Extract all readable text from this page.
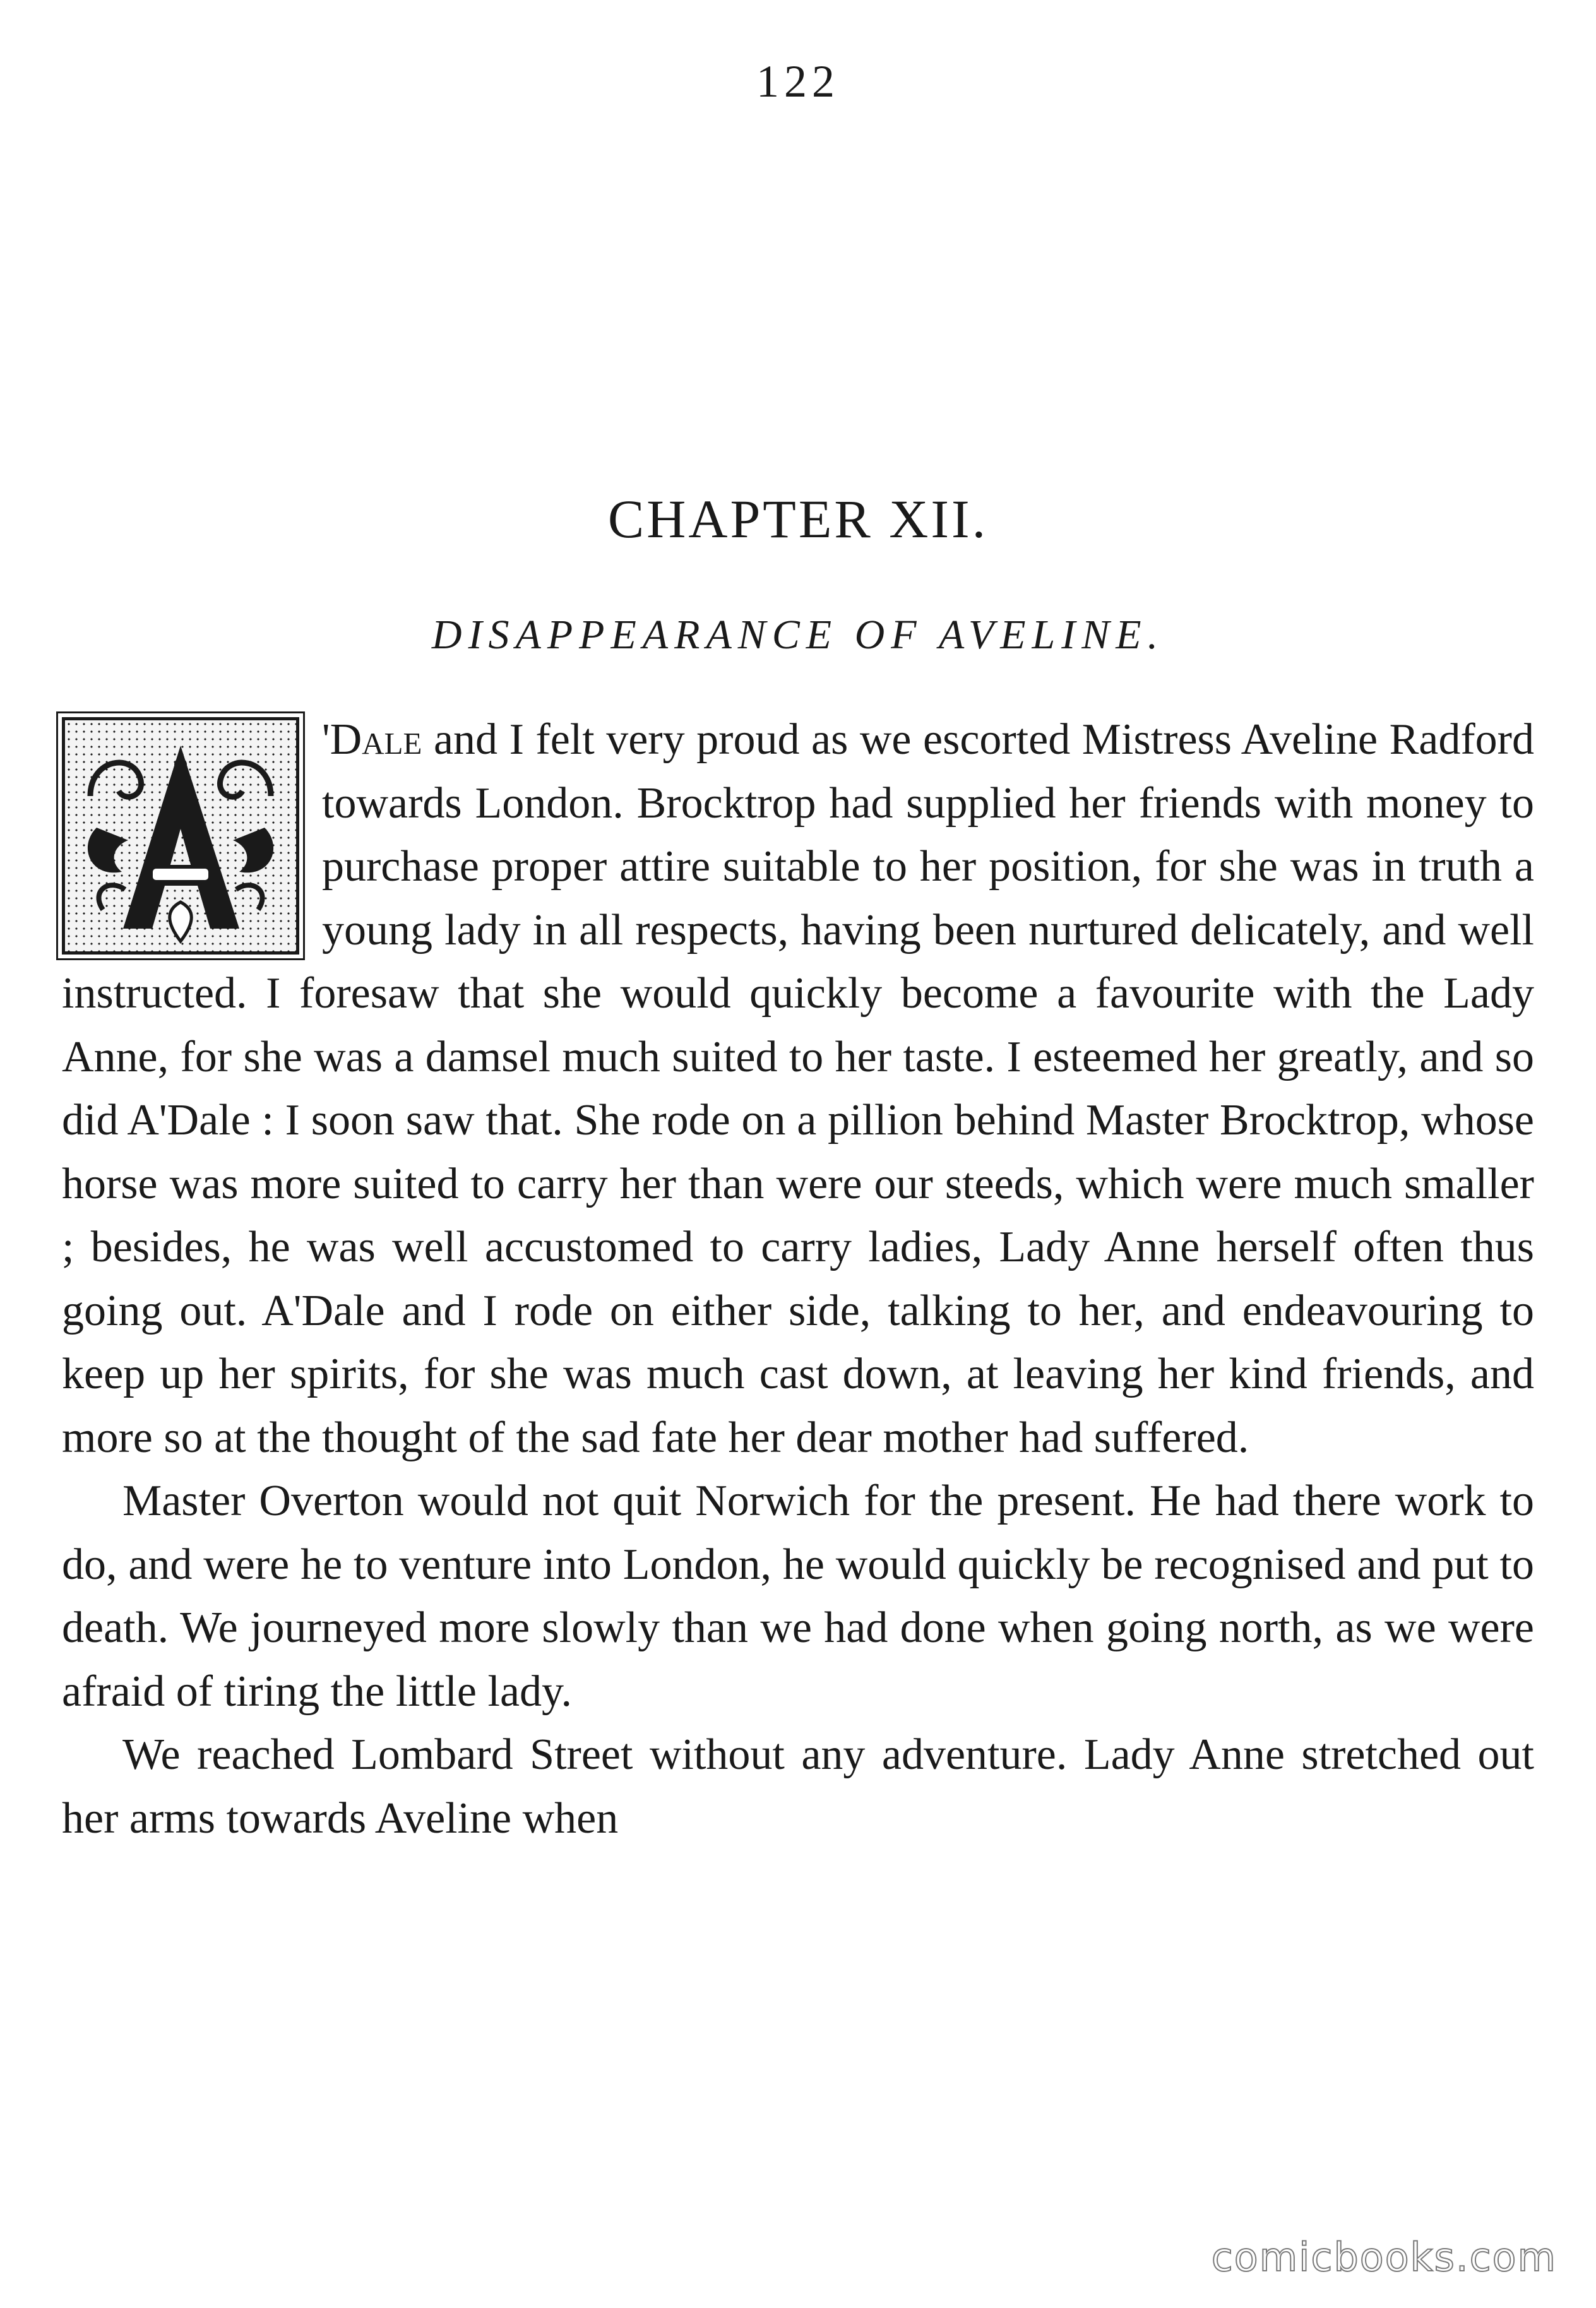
122
CHAPTER XII.
DISAPPEARANCE OF AVELINE.

'Dale and I felt very proud as we escorted Mistress Aveline Radford towards London. Brocktrop had supplied her friends with money to purchase proper attire suitable to her position, for she was in truth a young lady in all respects, having been nurtured delicately, and well instructed. I foresaw that she would quickly become a favourite with the Lady Anne, for she was a damsel much suited to her taste. I esteemed her greatly, and so did A'Dale : I soon saw that. She rode on a pillion behind Master Brocktrop, whose horse was more suited to carry her than were our steeds, which were much smaller ; besides, he was well accustomed to carry ladies, Lady Anne herself often thus going out. A'Dale and I rode on either side, talking to her, and endeavouring to keep up her spirits, for she was much cast down, at leaving her kind friends, and more so at the thought of the sad fate her dear mother had suffered.

Master Overton would not quit Norwich for the present. He had there work to do, and were he to venture into London, he would quickly be recognised and put to death. We journeyed more slowly than we had done when going north, as we were afraid of tiring the little lady.

We reached Lombard Street without any adventure. Lady Anne stretched out her arms towards Aveline when

comicbooks.com
